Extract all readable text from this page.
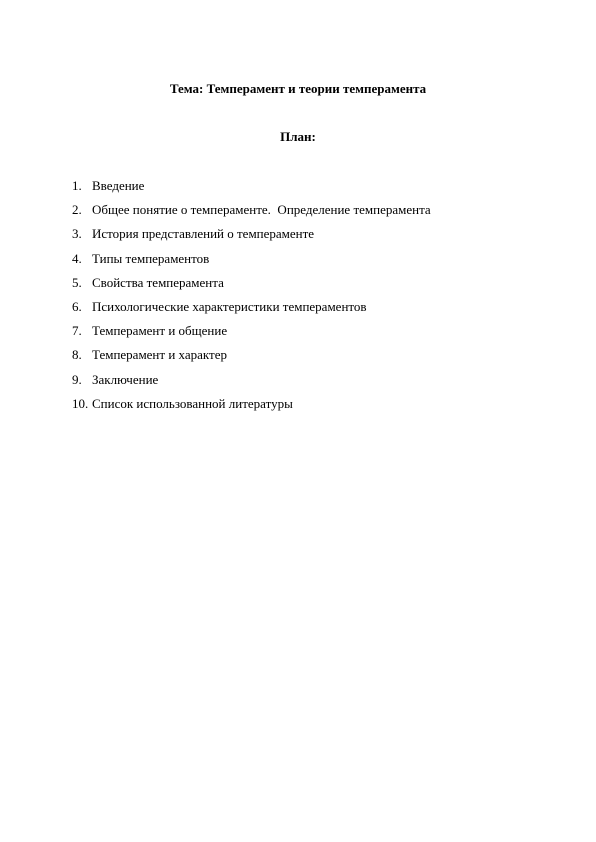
Тема: Темперамент и теории темперамента
План:
1. Введение
2. Общее понятие о темпераменте.  Определение темперамента
3. История представлений о темпераменте
4. Типы темпераментов
5. Свойства темперамента
6. Психологические характеристики темпераментов
7. Темперамент и общение
8. Темперамент и характер
9. Заключение
10. Список использованной литературы
